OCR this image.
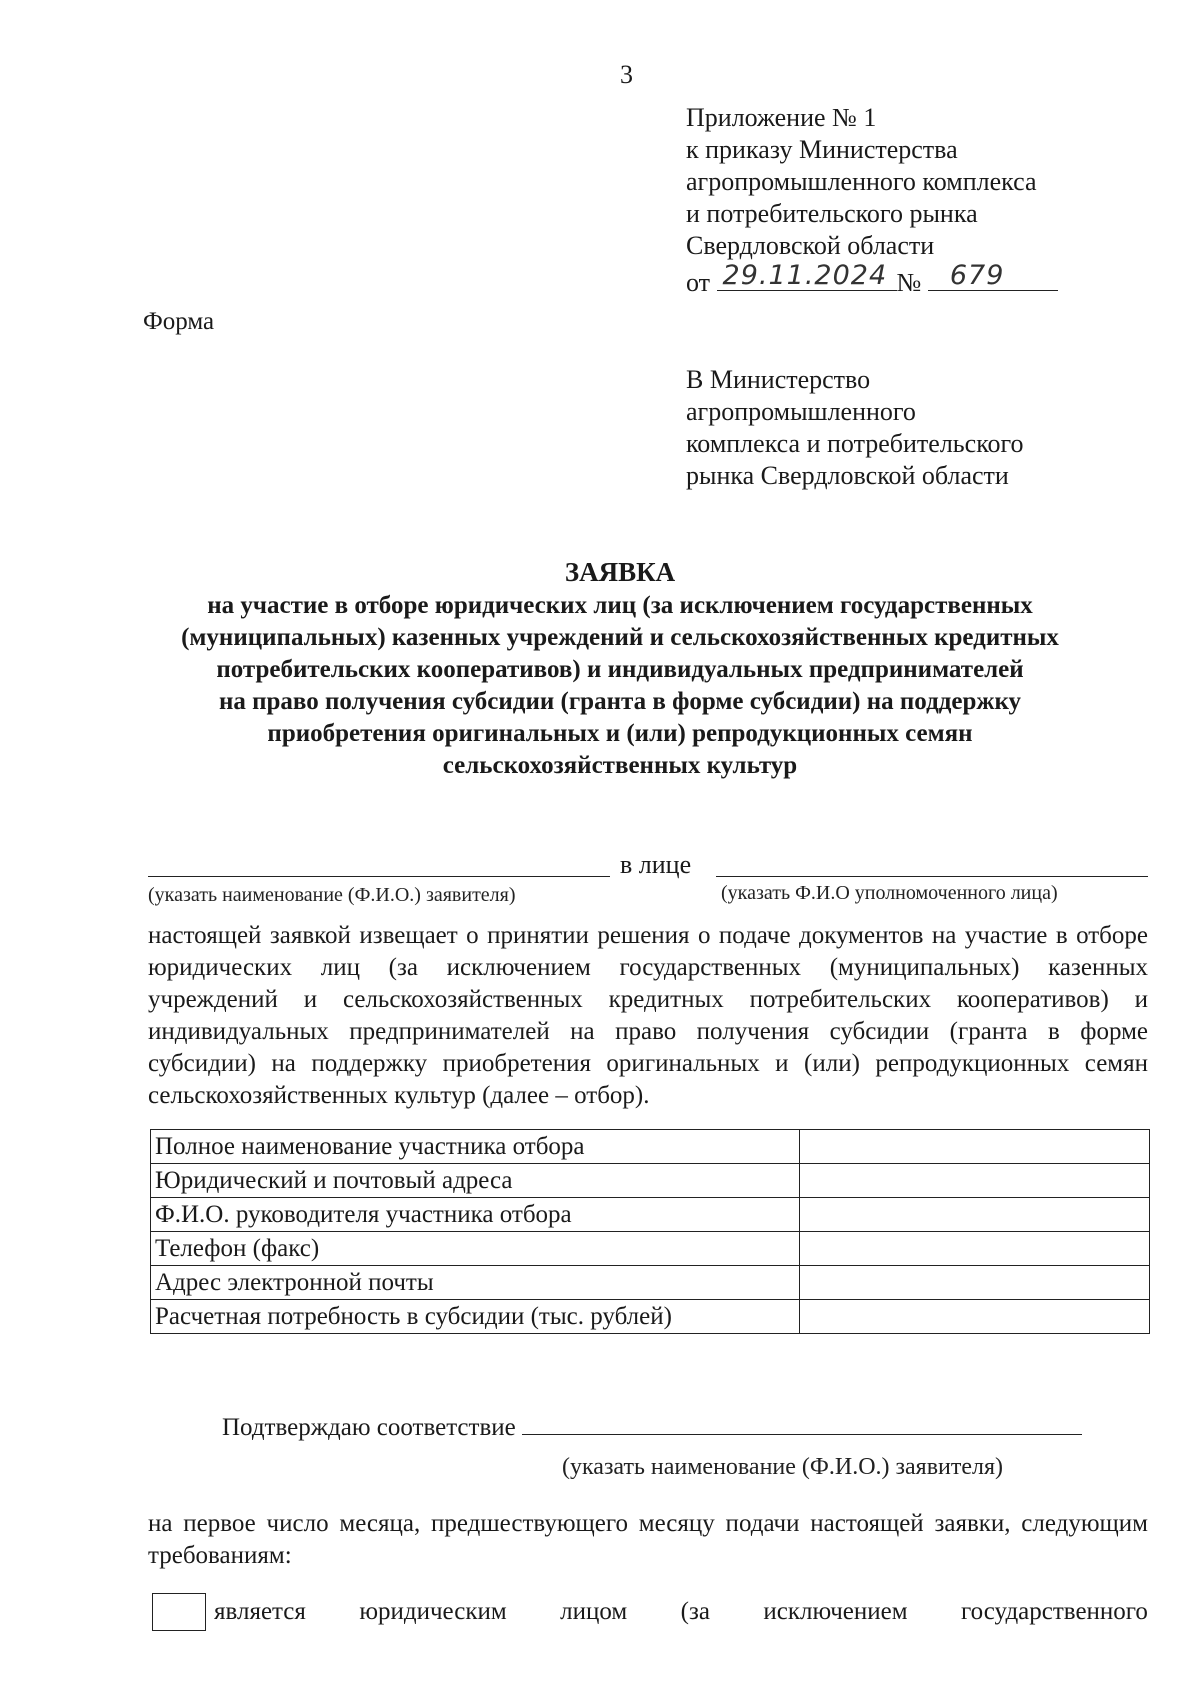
3
Приложение № 1
к приказу Министерства
агропромышленного комплекса
и потребительского рынка
Свердловской области
от 29.11.2024 № 679
Форма
В Министерство
агропромышленного
комплекса и потребительского
рынка Свердловской области
ЗАЯВКА
на участие в отборе юридических лиц (за исключением государственных
(муниципальных) казенных учреждений и сельскохозяйственных кредитных
потребительских кооперативов) и индивидуальных предпринимателей
на право получения субсидии (гранта в форме субсидии) на поддержку
приобретения оригинальных и (или) репродукционных семян
сельскохозяйственных культур
в лице
(указать наименование (Ф.И.О.) заявителя)	(указать Ф.И.О уполномоченного лица)
настоящей заявкой извещает о принятии решения о подаче документов на участие в отборе юридических лиц (за исключением государственных (муниципальных) казенных учреждений и сельскохозяйственных кредитных потребительских кооперативов) и индивидуальных предпринимателей на право получения субсидии (гранта в форме субсидии) на поддержку приобретения оригинальных и (или) репродукционных семян сельскохозяйственных культур (далее – отбор).
Полное наименование участника отбора	
Юридический и почтовый адреса	
Ф.И.О. руководителя участника отбора	
Телефон (факс)	
Адрес электронной почты	
Расчетная потребность в субсидии (тыс. рублей)	
Подтверждаю соответствие
(указать наименование (Ф.И.О.) заявителя)
на первое число месяца, предшествующего месяцу подачи настоящей заявки, следующим требованиям:
является юридическим лицом (за исключением государственного
